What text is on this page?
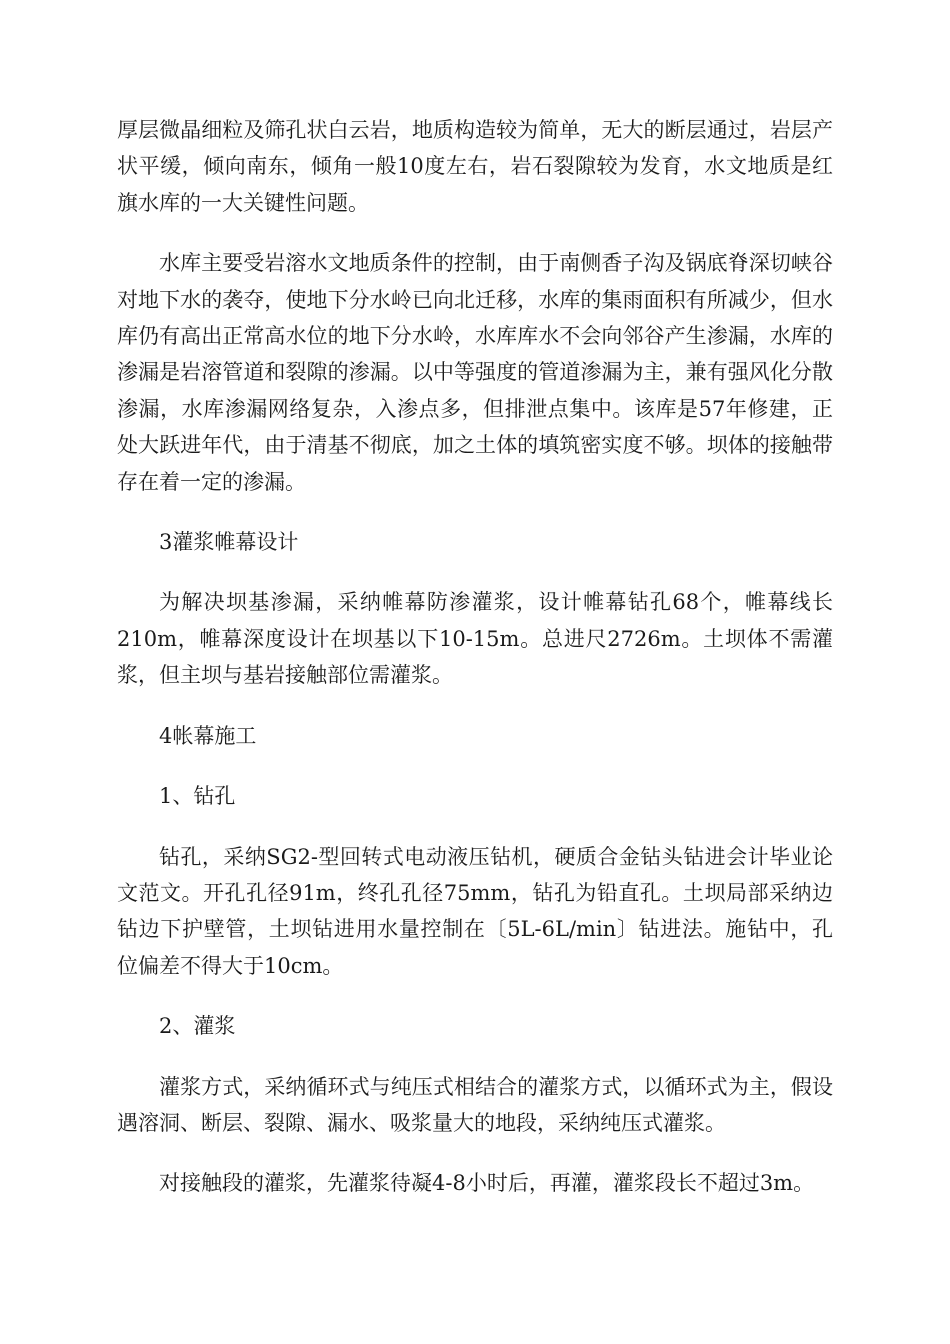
厚层微晶细粒及筛孔状白云岩，地质构造较为简单，无大的断层通过，岩层产状平缓，倾向南东，倾角一般10度左右，岩石裂隙较为发育，水文地质是红旗水库的一大关键性问题。

水库主要受岩溶水文地质条件的控制，由于南侧香子沟及锅底脊深切峡谷对地下水的袭夺，使地下分水岭已向北迁移，水库的集雨面积有所减少，但水库仍有高出正常高水位的地下分水岭，水库库水不会向邻谷产生渗漏，水库的渗漏是岩溶管道和裂隙的渗漏。以中等强度的管道渗漏为主，兼有强风化分散渗漏，水库渗漏网络复杂，入渗点多，但排泄点集中。该库是57年修建，正处大跃进年代，由于清基不彻底，加之土体的填筑密实度不够。坝体的接触带存在着一定的渗漏。

3灌浆帷幕设计

为解决坝基渗漏，采纳帷幕防渗灌浆，设计帷幕钻孔68个，帷幕线长210m，帷幕深度设计在坝基以下10-15m。总进尺2726m。土坝体不需灌浆，但主坝与基岩接触部位需灌浆。

4帐幕施工

1、钻孔

钻孔，采纳SG2-型回转式电动液压钻机，硬质合金钻头钻进会计毕业论文范文。开孔孔径91m，终孔孔径75mm，钻孔为铅直孔。土坝局部采纳边钻边下护壁管，土坝钻进用水量控制在〔5L-6L/min〕钻进法。施钻中，孔位偏差不得大于10cm。

2、灌浆

灌浆方式，采纳循环式与纯压式相结合的灌浆方式，以循环式为主，假设遇溶洞、断层、裂隙、漏水、吸浆量大的地段，采纳纯压式灌浆。

对接触段的灌浆，先灌浆待凝4-8小时后，再灌，灌浆段长不超过3m。
